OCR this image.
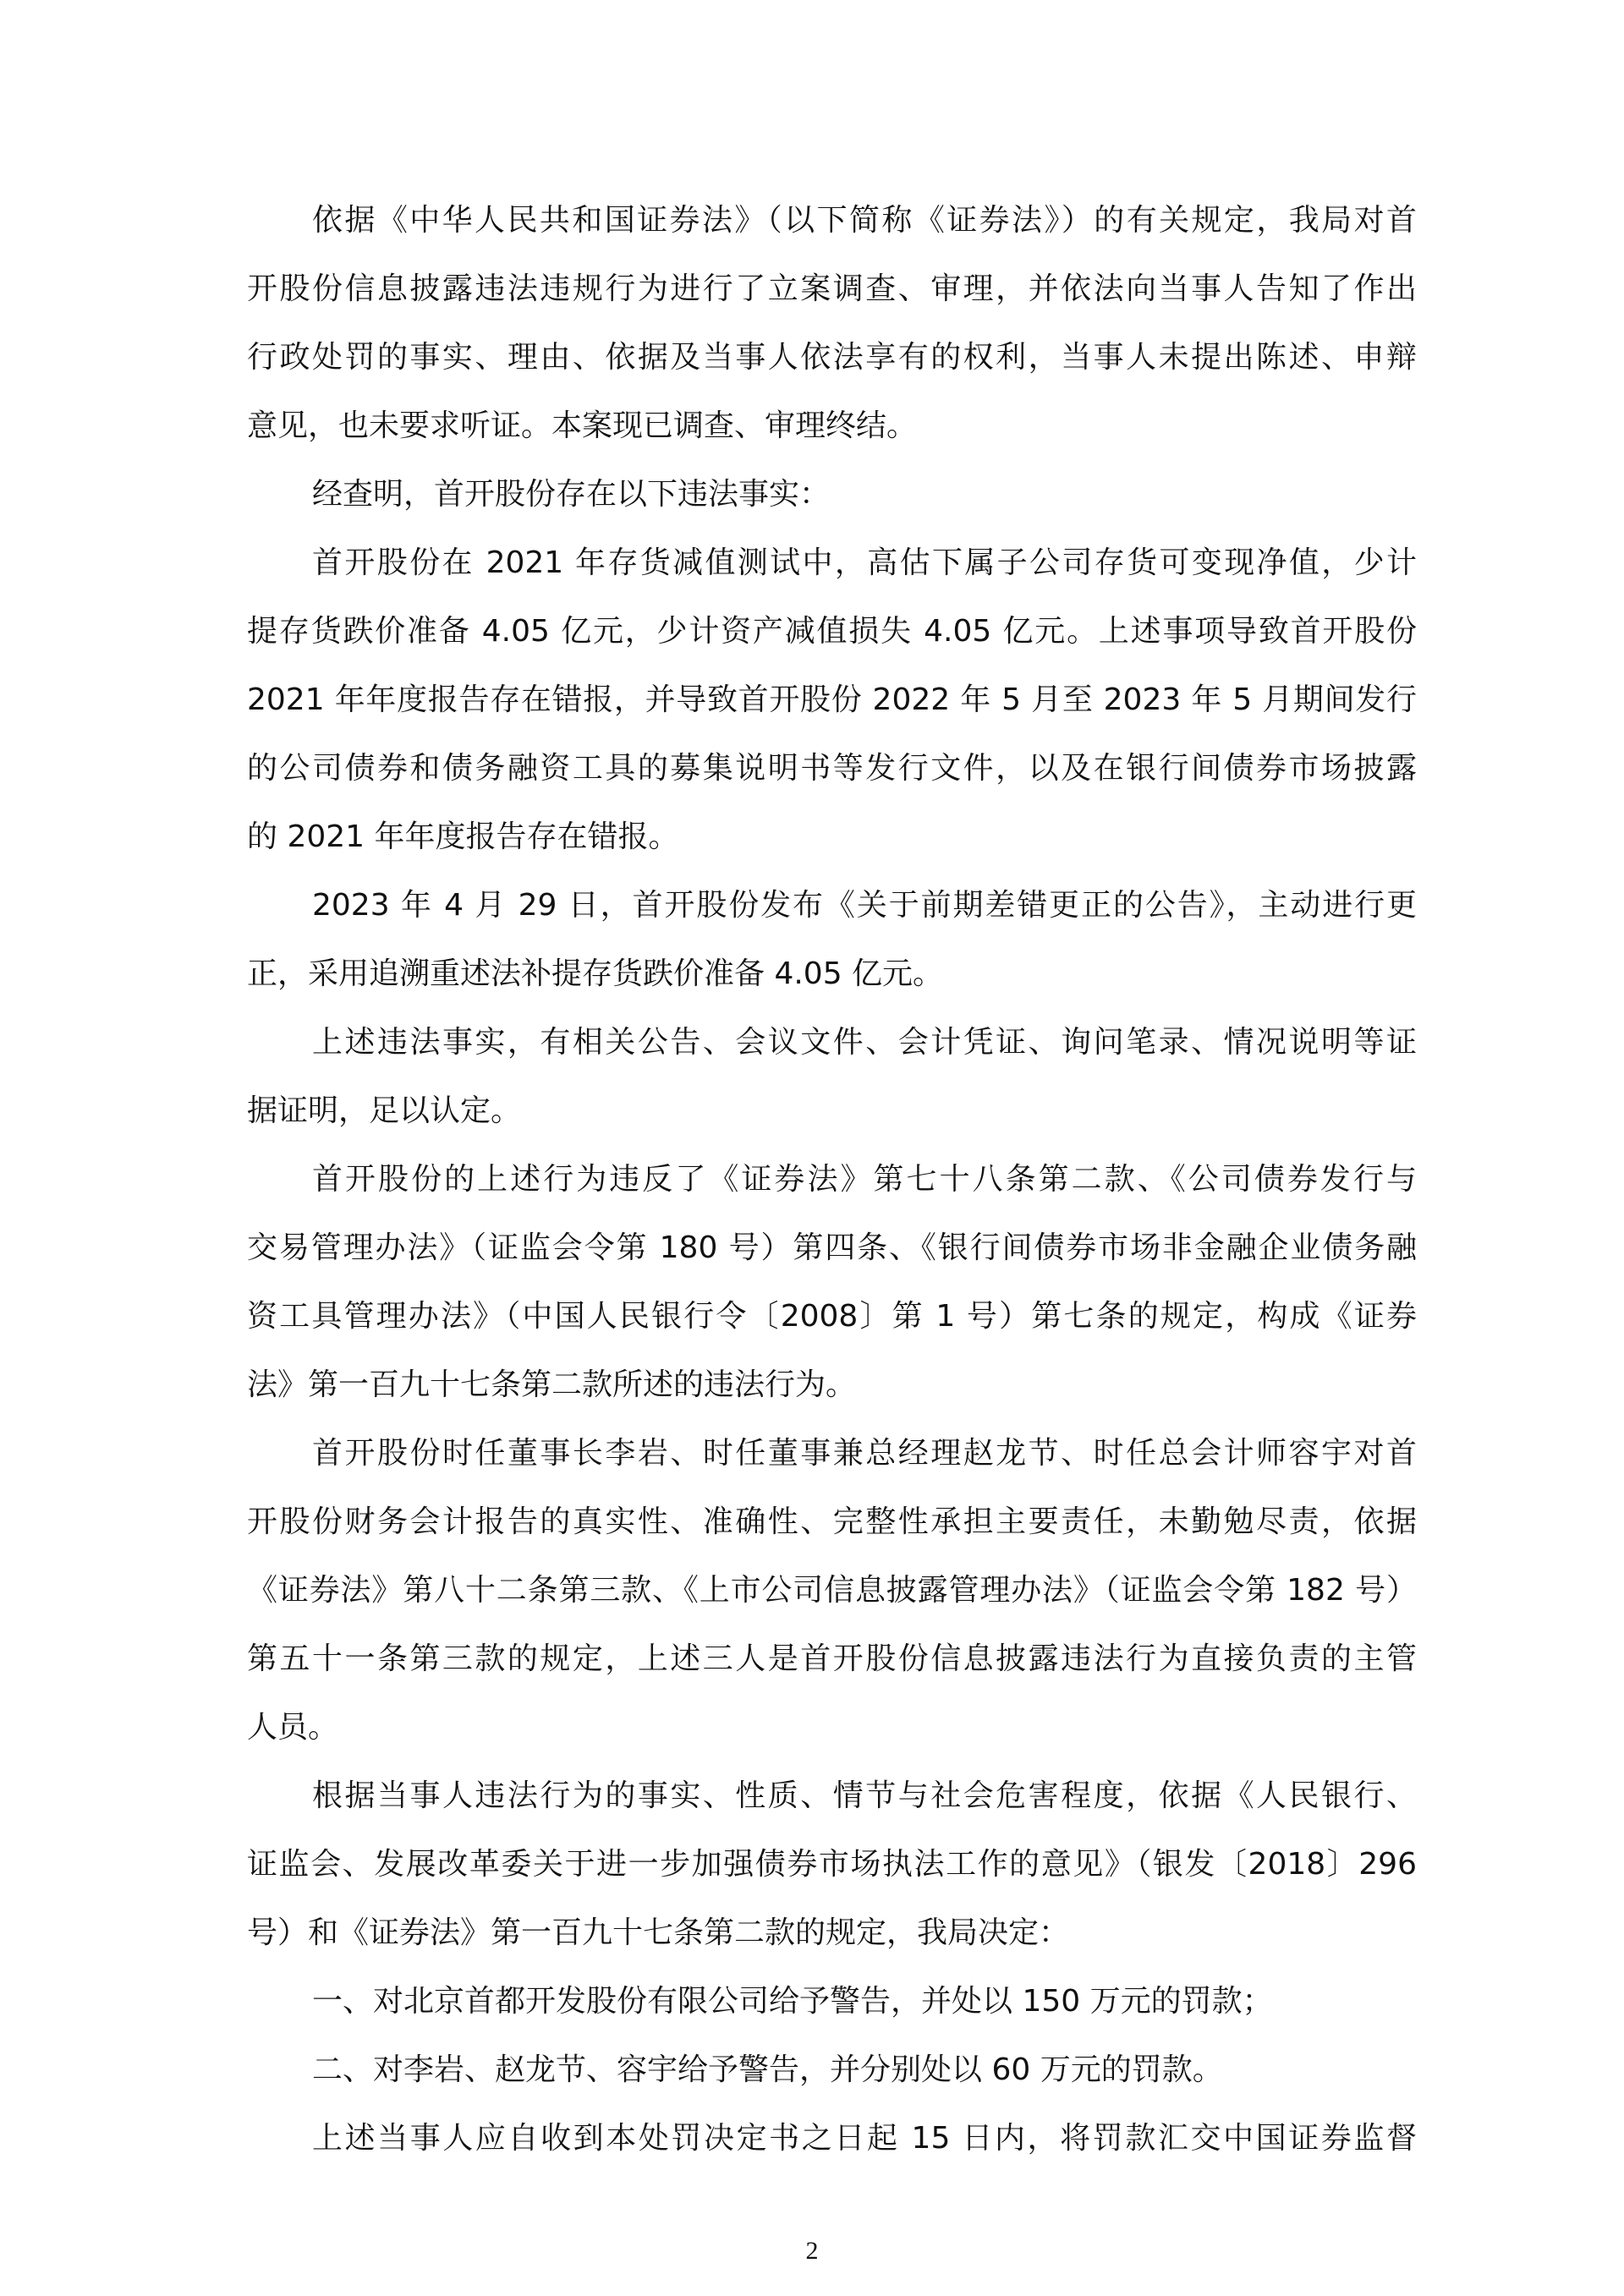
依据《中华人民共和国证券法》（以下简称《证券法》）的有关规定，我局对首
开股份信息披露违法违规行为进行了立案调查、审理，并依法向当事人告知了作出
行政处罚的事实、理由、依据及当事人依法享有的权利，当事人未提出陈述、申辩
意见，也未要求听证。本案现已调查、审理终结。
经查明，首开股份存在以下违法事实：
首开股份在 2021 年存货减值测试中，高估下属子公司存货可变现净值，少计
提存货跌价准备 4.05 亿元，少计资产减值损失 4.05 亿元。上述事项导致首开股份
2021 年年度报告存在错报，并导致首开股份 2022 年 5 月至 2023 年 5 月期间发行
的公司债券和债务融资工具的募集说明书等发行文件，以及在银行间债券市场披露
的 2021 年年度报告存在错报。
2023 年 4 月 29 日，首开股份发布《关于前期差错更正的公告》，主动进行更
正，采用追溯重述法补提存货跌价准备 4.05 亿元。
上述违法事实，有相关公告、会议文件、会计凭证、询问笔录、情况说明等证
据证明，足以认定。
首开股份的上述行为违反了《证券法》第七十八条第二款、《公司债券发行与
交易管理办法》（证监会令第 180 号）第四条、《银行间债券市场非金融企业债务融
资工具管理办法》（中国人民银行令〔2008〕第 1 号）第七条的规定，构成《证券
法》第一百九十七条第二款所述的违法行为。
首开股份时任董事长李岩、时任董事兼总经理赵龙节、时任总会计师容宇对首
开股份财务会计报告的真实性、准确性、完整性承担主要责任，未勤勉尽责，依据
《证券法》第八十二条第三款、《上市公司信息披露管理办法》（证监会令第 182 号）
第五十一条第三款的规定，上述三人是首开股份信息披露违法行为直接负责的主管
人员。
根据当事人违法行为的事实、性质、情节与社会危害程度，依据《人民银行、
证监会、发展改革委关于进一步加强债券市场执法工作的意见》（银发〔2018〕296
号）和《证券法》第一百九十七条第二款的规定，我局决定：
一、对北京首都开发股份有限公司给予警告，并处以 150 万元的罚款；
二、对李岩、赵龙节、容宇给予警告，并分别处以 60 万元的罚款。
上述当事人应自收到本处罚决定书之日起 15 日内，将罚款汇交中国证券监督
2
